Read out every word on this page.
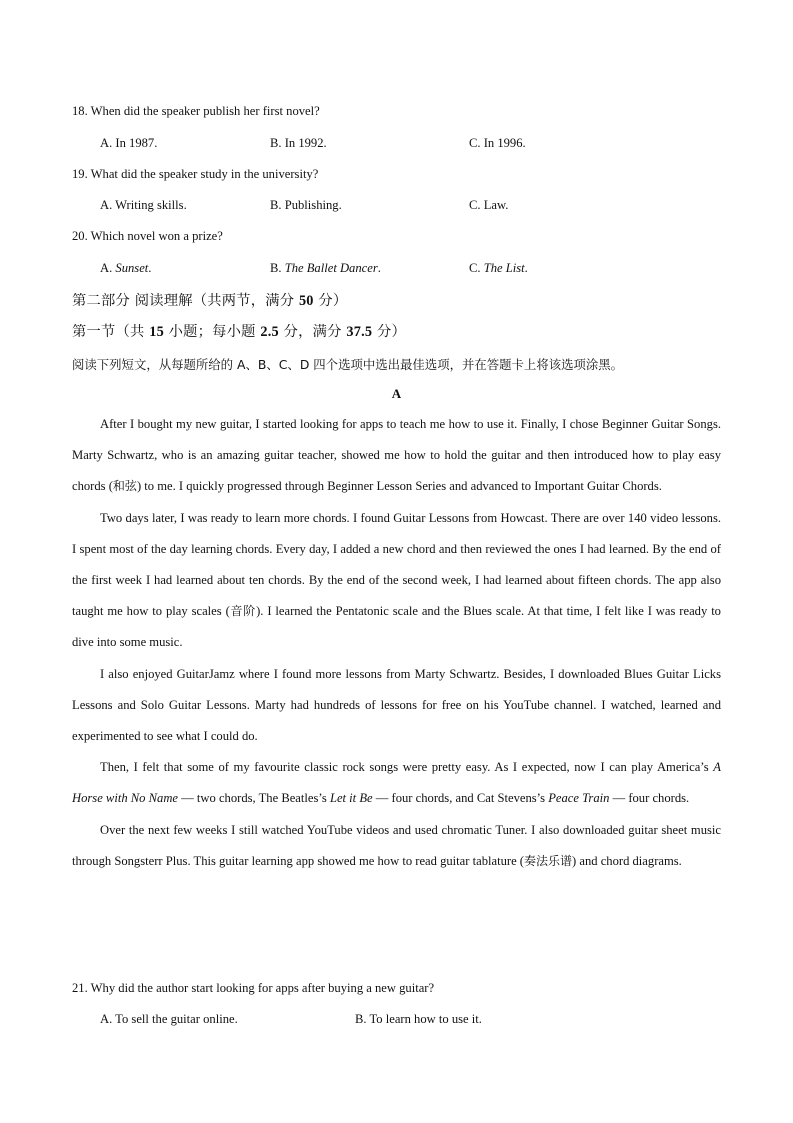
18. When did the speaker publish her first novel?
A. In 1987.	B. In 1992.	C. In 1996.
19. What did the speaker study in the university?
A. Writing skills.	B. Publishing.	C. Law.
20. Which novel won a prize?
A. Sunset.	B. The Ballet Dancer.	C. The List.
第二部分 阅读理解（共两节，满分 50 分）
第一节（共 15 小题；每小题 2.5 分，满分 37.5 分）
阅读下列短文，从每题所给的 A、B、C、D 四个选项中选出最佳选项，并在答题卡上将该选项涂黑。
A

After I bought my new guitar, I started looking for apps to teach me how to use it. Finally, I chose Beginner Guitar Songs. Marty Schwartz, who is an amazing guitar teacher, showed me how to hold the guitar and then introduced how to play easy chords (和弦) to me. I quickly progressed through Beginner Lesson Series and advanced to Important Guitar Chords.

Two days later, I was ready to learn more chords. I found Guitar Lessons from Howcast. There are over 140 video lessons. I spent most of the day learning chords. Every day, I added a new chord and then reviewed the ones I had learned. By the end of the first week I had learned about ten chords. By the end of the second week, I had learned about fifteen chords. The app also taught me how to play scales (音阶). I learned the Pentatonic scale and the Blues scale. At that time, I felt like I was ready to dive into some music.

I also enjoyed GuitarJamz where I found more lessons from Marty Schwartz. Besides, I downloaded Blues Guitar Licks Lessons and Solo Guitar Lessons. Marty had hundreds of lessons for free on his YouTube channel. I watched, learned and experimented to see what I could do.

Then, I felt that some of my favourite classic rock songs were pretty easy. As I expected, now I can play America’s A Horse with No Name — two chords, The Beatles’s Let it Be — four chords, and Cat Stevens’s Peace Train — four chords.

Over the next few weeks I still watched YouTube videos and used chromatic Tuner. I also downloaded guitar sheet music through Songsterr Plus. This guitar learning app showed me how to read guitar tablature (奏法乐谱) and chord diagrams.

21. Why did the author start looking for apps after buying a new guitar?
A. To sell the guitar online.	B. To learn how to use it.
